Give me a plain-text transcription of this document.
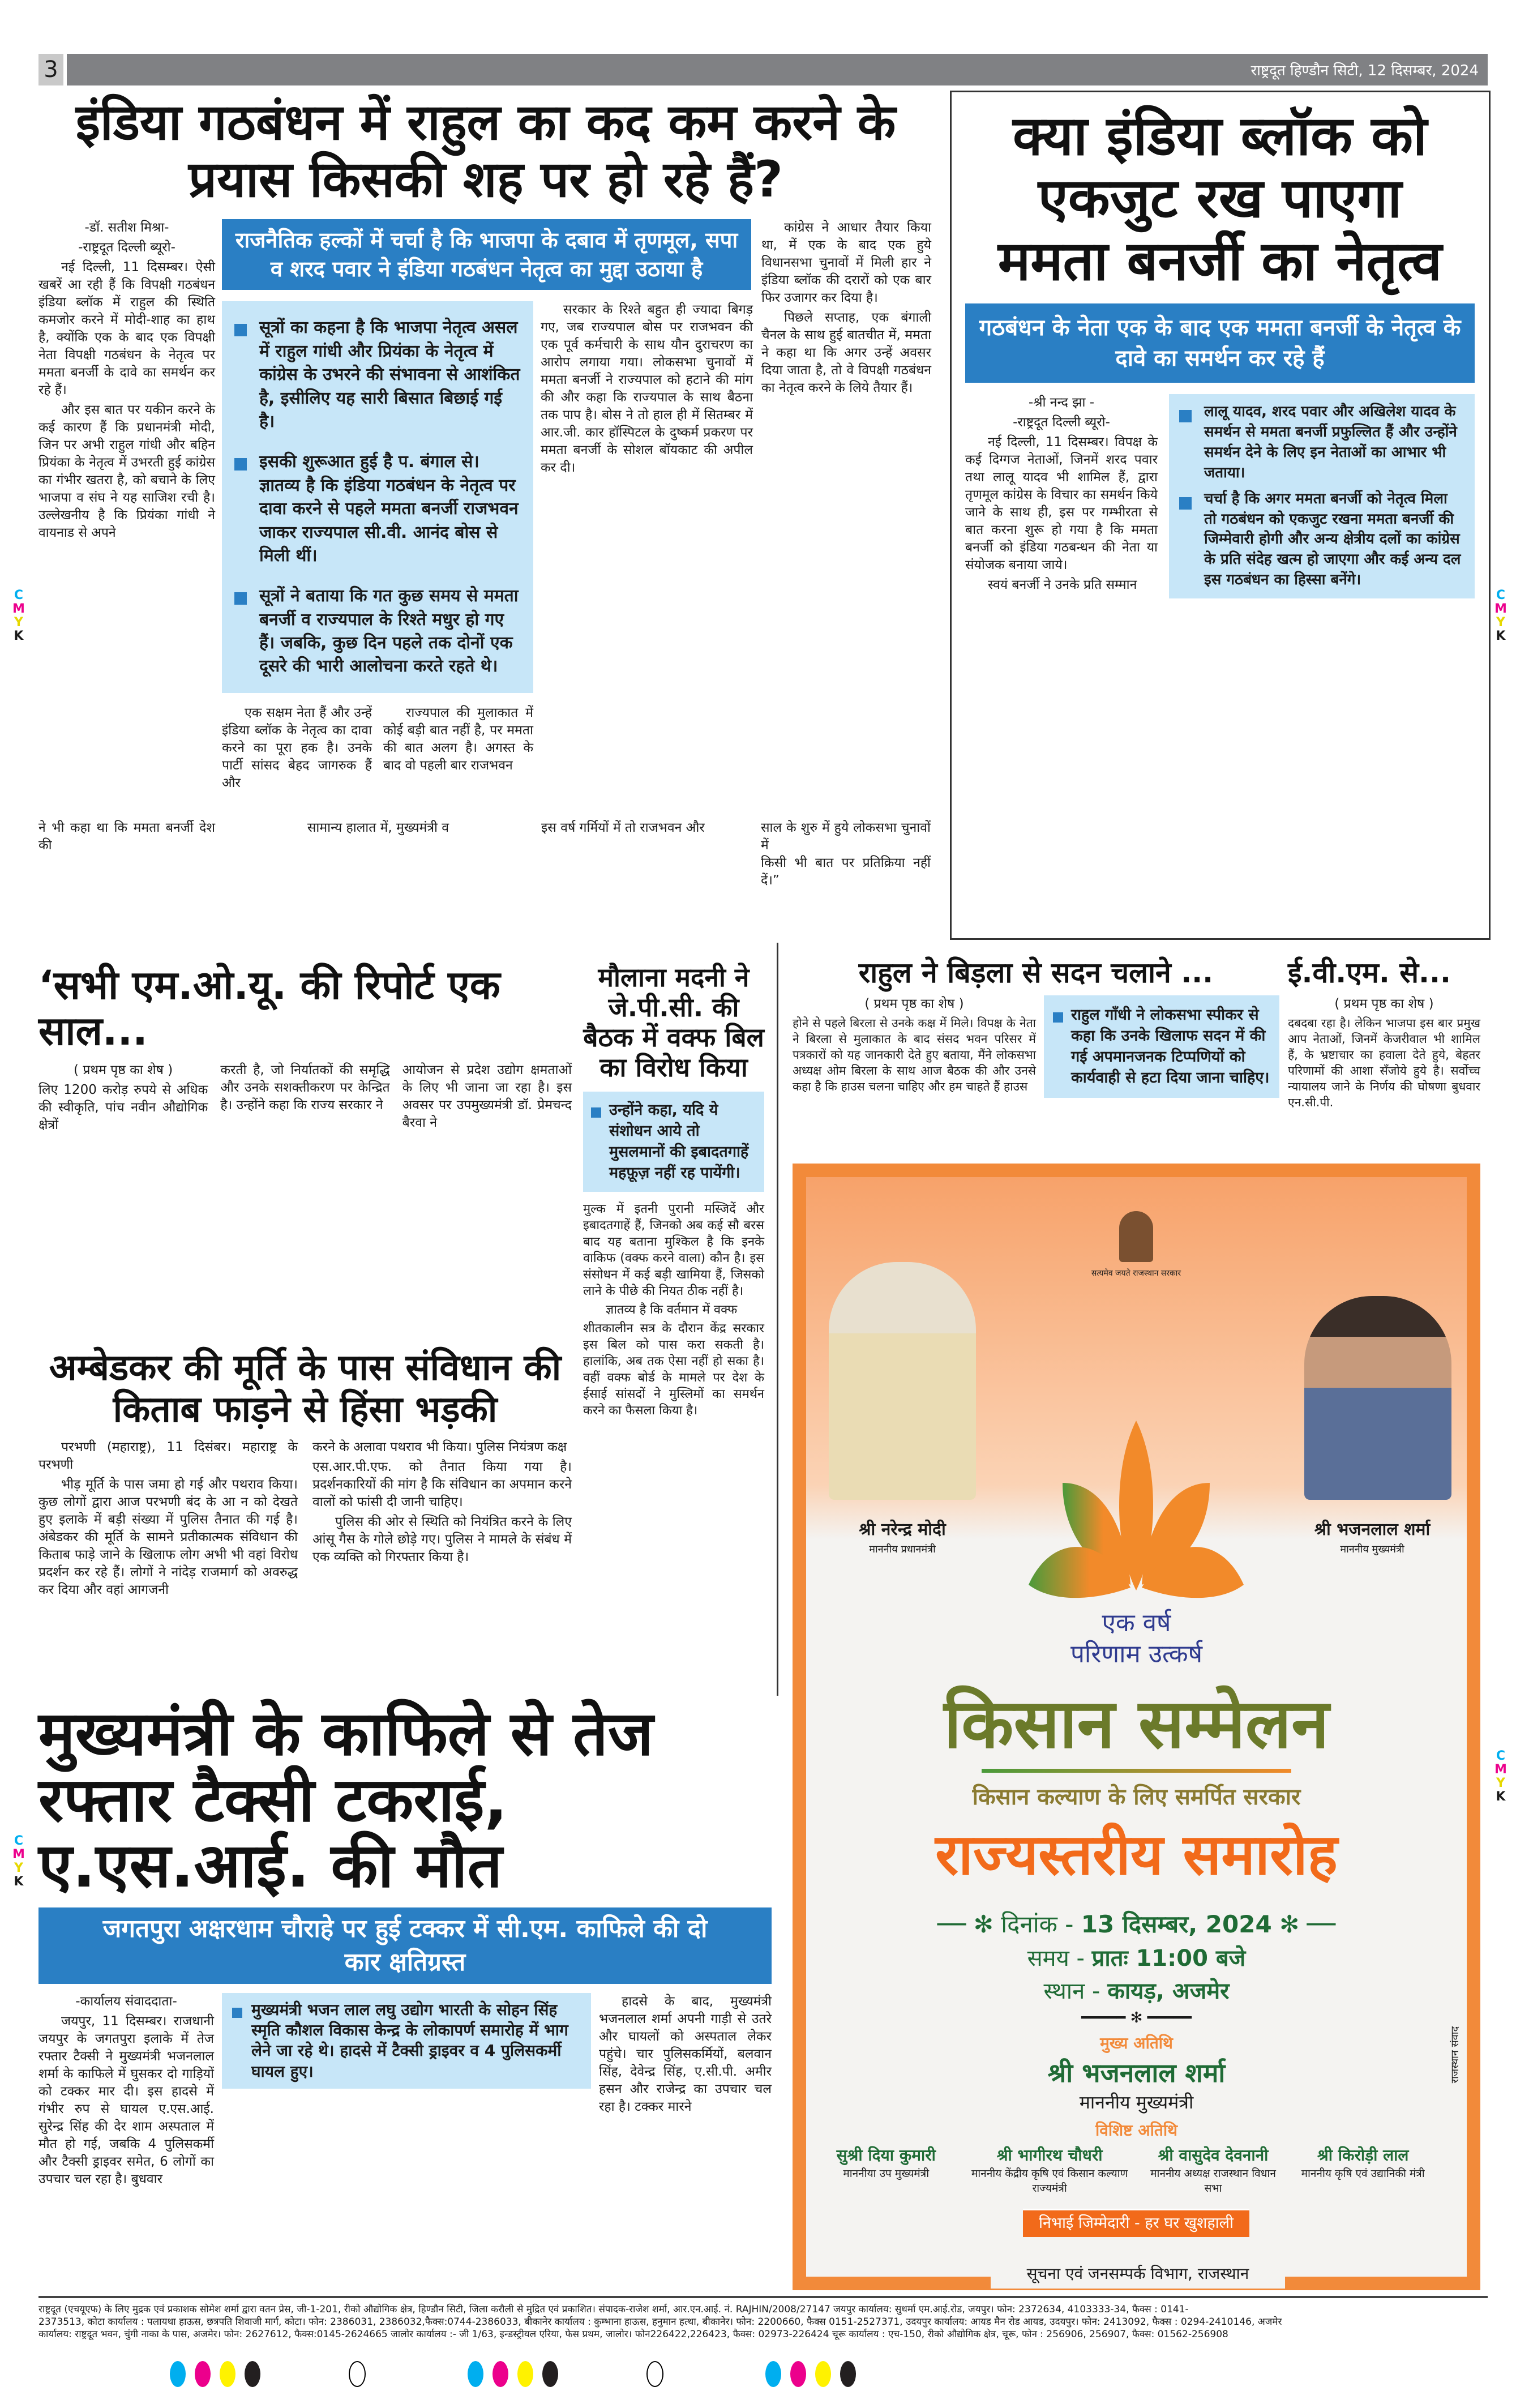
3	राष्ट्रदूत हिण्डौन सिटी, 12 दिसम्बर, 2024
इंडिया गठबंधन में राहुल का कद कम करने के प्रयास किसकी शह पर हो रहे हैं?

-डॉ. सतीश मिश्रा-

-राष्ट्रदूत दिल्ली ब्यूरो-

नई दिल्ली, 11 दिसम्बर। ऐसी खबरें आ रही हैं कि विपक्षी गठबंधन इंडिया ब्लॉक में राहुल की स्थिति कमजोर करने में मोदी-शाह का हाथ है, क्योंकि एक के बाद एक विपक्षी नेता विपक्षी गठबंधन के नेतृत्व पर ममता बनर्जी के दावे का समर्थन कर रहे हैं।

और इस बात पर यकीन करने के कई कारण हैं कि प्रधानमंत्री मोदी, जिन पर अभी राहुल गांधी और बहिन प्रियंका के नेतृत्व में उभरती हुई कांग्रेस का गंभीर खतरा है, को बचाने के लिए भाजपा व संघ ने यह साजिश रची है। उल्लेखनीय है कि प्रियंका गांधी ने वायनाड से अपने

राजनैतिक हल्कों में चर्चा है कि भाजपा के दबाव में तृणमूल, सपा व शरद पवार ने इंडिया गठबंधन नेतृत्व का मुद्दा उठाया है
सूत्रों का कहना है कि भाजपा नेतृत्व असल में राहुल गांधी और प्रियंका के नेतृत्व में कांग्रेस के उभरने की संभावना से आशंकित है, इसीलिए यह सारी बिसात बिछाई गई है।
इसकी शुरूआत हुई है प. बंगाल से। ज्ञातव्य है कि इंडिया गठबंधन के नेतृत्व पर दावा करने से पहले ममता बनर्जी राजभवन जाकर राज्यपाल सी.वी. आनंद बोस से मिली थीं।
सूत्रों ने बताया कि गत कुछ समय से ममता बनर्जी व राज्यपाल के रिश्ते मधुर हो गए हैं। जबकि, कुछ दिन पहले तक दोनों एक दूसरे की भारी आलोचना करते रहते थे।

एक सक्षम नेता हैं और उन्हें इंडिया ब्लॉक के नेतृत्व का दावा करने का पूरा हक है। उनके पार्टी सांसद बेहद जागरुक हैं और

राज्यपाल की मुलाकात में कोई बड़ी बात नहीं है, पर ममता की बात अलग है। अगस्त के बाद वो पहली बार राजभवन

सरकार के रिश्ते बहुत ही ज्यादा बिगड़ गए, जब राज्यपाल बोस पर राजभवन की एक पूर्व कर्मचारी के साथ यौन दुराचरण का आरोप लगाया गया। लोकसभा चुनावों में ममता बनर्जी ने राज्यपाल को हटाने की मांग की और कहा कि राज्यपाल के साथ बैठना तक पाप है। बोस ने तो हाल ही में सितम्बर में आर.जी. कार हॉस्पिटल के दुष्कर्म प्रकरण पर ममता बनर्जी के सोशल बॉयकाट की अपील कर दी।

कांग्रेस ने आधार तैयार किया था, में एक के बाद एक हुये विधानसभा चुनावों में मिली हार ने इंडिया ब्लॉक की दरारों को एक बार फिर उजागर कर दिया है।

पिछले सप्ताह, एक बंगाली चैनल के साथ हुई बातचीत में, ममता ने कहा था कि अगर उन्हें अवसर दिया जाता है, तो वे विपक्षी गठबंधन का नेतृत्व करने के लिये तैयार हैं।

ने भी कहा था कि ममता बनर्जी देश की
सामान्य हालात में, मुख्यमंत्री व	इस वर्ष गर्मियों में तो राजभवन और	साल के शुरु में हुये लोकसभा चुनावों में
किसी भी बात पर प्रतिक्रिया नहीं दें।”
क्या इंडिया ब्लॉक को एकजुट रख पाएगा ममता बनर्जी का नेतृत्व
गठबंधन के नेता एक के बाद एक ममता बनर्जी के नेतृत्व के दावे का समर्थन कर रहे हैं

-श्री नन्द झा -

-राष्ट्रदूत दिल्ली ब्यूरो-

नई दिल्ली, 11 दिसम्बर। विपक्ष के कई दिग्गज नेताओं, जिनमें शरद पवार तथा लालू यादव भी शामिल हैं, द्वारा तृणमूल कांग्रेस के विचार का समर्थन किये जाने के साथ ही, इस पर गम्भीरता से बात करना शुरू हो गया है कि ममता बनर्जी को इंडिया गठबन्धन की नेता या संयोजक बनाया जाये।

स्वयं बनर्जी ने उनके प्रति सम्मान

लालू यादव, शरद पवार और अखिलेश यादव के समर्थन से ममता बनर्जी प्रफुल्लित हैं और उन्होंने समर्थन देने के लिए इन नेताओं का आभार भी जताया।
चर्चा है कि अगर ममता बनर्जी को नेतृत्व मिला तो गठबंधन को एकजुट रखना ममता बनर्जी की जिम्मेवारी होगी और अन्य क्षेत्रीय दलों का कांग्रेस के प्रति संदेह खत्म हो जाएगा और कई अन्य दल इस गठबंधन का हिस्सा बनेंगे।
‘सभी एम.ओ.यू. की रिपोर्ट एक साल...

( प्रथम पृष्ठ का शेष )

लिए 1200 करोड़ रुपये से अधिक की स्वीकृति, पांच नवीन औद्योगिक क्षेत्रों

करती है, जो निर्यातकों की समृद्धि और उनके सशक्तीकरण पर केन्द्रित है। उन्होंने कहा कि राज्य सरकार ने

आयोजन से प्रदेश उद्योग क्षमताओं के लिए भी जाना जा रहा है। इस अवसर पर उपमुख्यमंत्री डॉ. प्रेमचन्द बैरवा ने

मौलाना मदनी ने जे.पी.सी. की बैठक में वक्फ बिल का विरोध किया
उन्होंने कहा, यदि ये संशोधन आये तो मुसलमानों की इबादतगाहें महफ़ूज़ नहीं रह पायेंगी।

मुल्क में इतनी पुरानी मस्जिदें और इबादतगाहें हैं, जिनको अब कई सौ बरस बाद यह बताना मुश्किल है कि इनके वाकिफ (वक्फ करने वाला) कौन है। इस संसोधन में कई बड़ी खामिया हैं, जिसको लाने के पीछे की नियत ठीक नहीं है।

ज्ञातव्य है कि वर्तमान में वक्फ

शीतकालीन सत्र के दौरान केंद्र सरकार इस बिल को पास करा सकती है। हालांकि, अब तक ऐसा नहीं हो सका है। वहीं वक्फ बोर्ड के मामले पर देश के ईसाई सांसदों ने मुस्लिमों का समर्थन करने का फैसला किया है।

अम्बेडकर की मूर्ति के पास संविधान की किताब फाड़ने से हिंसा भड़की

परभणी (महाराष्ट्र), 11 दिसंबर। महाराष्ट्र के परभणी

भीड़ मूर्ति के पास जमा हो गई और पथराव किया। कुछ लोगों द्वारा आज परभणी बंद के आ न को देखते हुए इलाके में बड़ी संख्या में पुलिस तैनात की गई है। अंबेडकर की मूर्ति के सामने प्रतीकात्मक संविधान की किताब फाड़े जाने के खिलाफ लोग अभी भी वहां विरोध प्रदर्शन कर रहे हैं। लोगों ने नांदेड़ राजमार्ग को अवरुद्ध कर दिया और वहां आगजनी

करने के अलावा पथराव भी किया। पुलिस नियंत्रण कक्ष

एस.आर.पी.एफ. को तैनात किया गया है। प्रदर्शनकारियों की मांग है कि संविधान का अपमान करने वालों को फांसी दी जानी चाहिए।

पुलिस की ओर से स्थिति को नियंत्रित करने के लिए आंसू गैस के गोले छोड़े गए। पुलिस ने मामले के संबंध में एक व्यक्ति को गिरफ्तार किया है।

राहुल ने बिड़ला से सदन चलाने ...

( प्रथम पृष्ठ का शेष )

होने से पहले बिरला से उनके कक्ष में मिले। विपक्ष के नेता ने बिरला से मुलाकात के बाद संसद भवन परिसर में पत्रकारों को यह जानकारी देते हुए बताया, मैंने लोकसभा अध्यक्ष ओम बिरला के साथ आज बैठक की और उनसे कहा है कि हाउस चलना चाहिए और हम चाहते हैं हाउस

राहुल गाँधी ने लोकसभा स्पीकर से कहा कि उनके खिलाफ सदन में की गई अपमानजनक टिप्पणियों को कार्यवाही से हटा दिया जाना चाहिए।
ई.वी.एम. से...

( प्रथम पृष्ठ का शेष )

दबदबा रहा है। लेकिन भाजपा इस बार प्रमुख आप नेताओं, जिनमें केजरीवाल भी शामिल हैं, के भ्रष्टाचार का हवाला देते हुये, बेहतर परिणामों की आशा सँजोये हुये है। सर्वोच्च न्यायालय जाने के निर्णय की घोषणा बुधवार एन.सी.पी.

मुख्यमंत्री के काफिले से तेज रफ्तार टैक्सी टकराई, ए.एस.आई. की मौत
जगतपुरा अक्षरधाम चौराहे पर हुई टक्कर में सी.एम. काफिले की दो कार क्षतिग्रस्त

-कार्यालय संवाददाता-

जयपुर, 11 दिसम्बर। राजधानी जयपुर के जगतपुरा इलाके में तेज रफ्तार टैक्सी ने मुख्यमंत्री भजनलाल शर्मा के काफिले में घुसकर दो गाड़ियों को टक्कर मार दी। इस हादसे में गंभीर रुप से घायल ए.एस.आई. सुरेन्द्र सिंह की देर शाम अस्पताल में मौत हो गई, जबकि 4 पुलिसकर्मी और टैक्सी ड्राइवर समेत, 6 लोगों का उपचार चल रहा है। बुधवार

मुख्यमंत्री भजन लाल लघु उद्योग भारती के सोहन सिंह स्मृति कौशल विकास केन्द्र के लोकापर्ण समारोह में भाग लेने जा रहे थे। हादसे में टैक्सी ड्राइवर व 4 पुलिसकर्मी घायल हुए।

हादसे के बाद, मुख्यमंत्री भजनलाल शर्मा अपनी गाड़ी से उतरे और घायलों को अस्पताल लेकर पहुंचे। चार पुलिसकर्मियों, बलवान सिंह, देवेन्द्र सिंह, ए.सी.पी. अमीर हसन और राजेन्द्र का उपचार चल रहा है। टक्कर मारने

सत्यमेव जयते राजस्थान सरकार
श्री नरेन्द्र मोदी
माननीय प्रधानमंत्री
श्री भजनलाल शर्मा
माननीय मुख्यमंत्री
एक वर्ष
परिणाम उत्कर्ष
किसान सम्मेलन
किसान कल्याण के लिए समर्पित सरकार
राज्यस्तरीय समारोह
── ✻ दिनांक - 13 दिसम्बर, 2024 ✻ ──
समय - प्रातः 11:00 बजे
स्थान - कायड़, अजमेर
━━━━━ ✻ ━━━━━
मुख्य अतिथि
श्री भजनलाल शर्मा
माननीय मुख्यमंत्री
विशिष्ट अतिथि
सुश्री दिया कुमारी
माननीया उप मुख्यमंत्री
श्री भागीरथ चौधरी
माननीय केंद्रीय कृषि एवं किसान कल्याण राज्यमंत्री
श्री वासुदेव देवनानी
माननीय अध्यक्ष राजस्थान विधान सभा
श्री किरोड़ी लाल
माननीय कृषि एवं उद्यानिकी मंत्री
निभाई जिम्मेदारी - हर घर खुशहाली
राजस्थान संवाद
सूचना एवं जनसम्पर्क विभाग, राजस्थान
C
M
Y
K
C
M
Y
K
C
M
Y
K
C
M
Y
K
राष्ट्रदूत (एचयूएफ) के लिए मुद्रक एवं प्रकाशक सोमेश शर्मा द्वारा वतन प्रेस, जी-1-201, रीको औद्योगिक क्षेत्र, हिण्डौन सिटी, जिला करौली से मुद्रित एवं प्रकाशित। संपादक-राजेश शर्मा, आर.एन.आई. नं. RAJHIN/2008/27147 जयपुर कार्यालय: सुधर्मा एम.आई.रोड, जयपुर। फोन: 2372634, 4103333-34, फैक्स : 0141-
2373513, कोटा कार्यालय : पलायथा हाऊस, छत्रपति शिवाजी मार्ग, कोटा। फोन: 2386031, 2386032,फैक्स:0744-2386033, बीकानेर कार्यालय : कुम्भाना हाऊस, हनुमान हत्था, बीकानेर। फोन: 2200660, फैक्स 0151-2527371, उदयपुर कार्यालय: आयड मैन रोड आयड, उदयपुर। फोन: 2413092, फैक्स : 0294-2410146, अजमेर
कार्यालय: राष्ट्रदूत भवन, चुंगी नाका के पास, अजमेर। फोन: 2627612, फैक्स:0145-2624665 जालोर कार्यालय :- जी 1/63, इन्डस्ट्रीयल एरिया, फेस प्रथम, जालोर। फोन226422,226423, फैक्स: 02973-226424 चूरू कार्यालय : एच-150, रीको औद्योगिक क्षेत्र, चूरू, फोन : 256906, 256907, फैक्स: 01562-256908
